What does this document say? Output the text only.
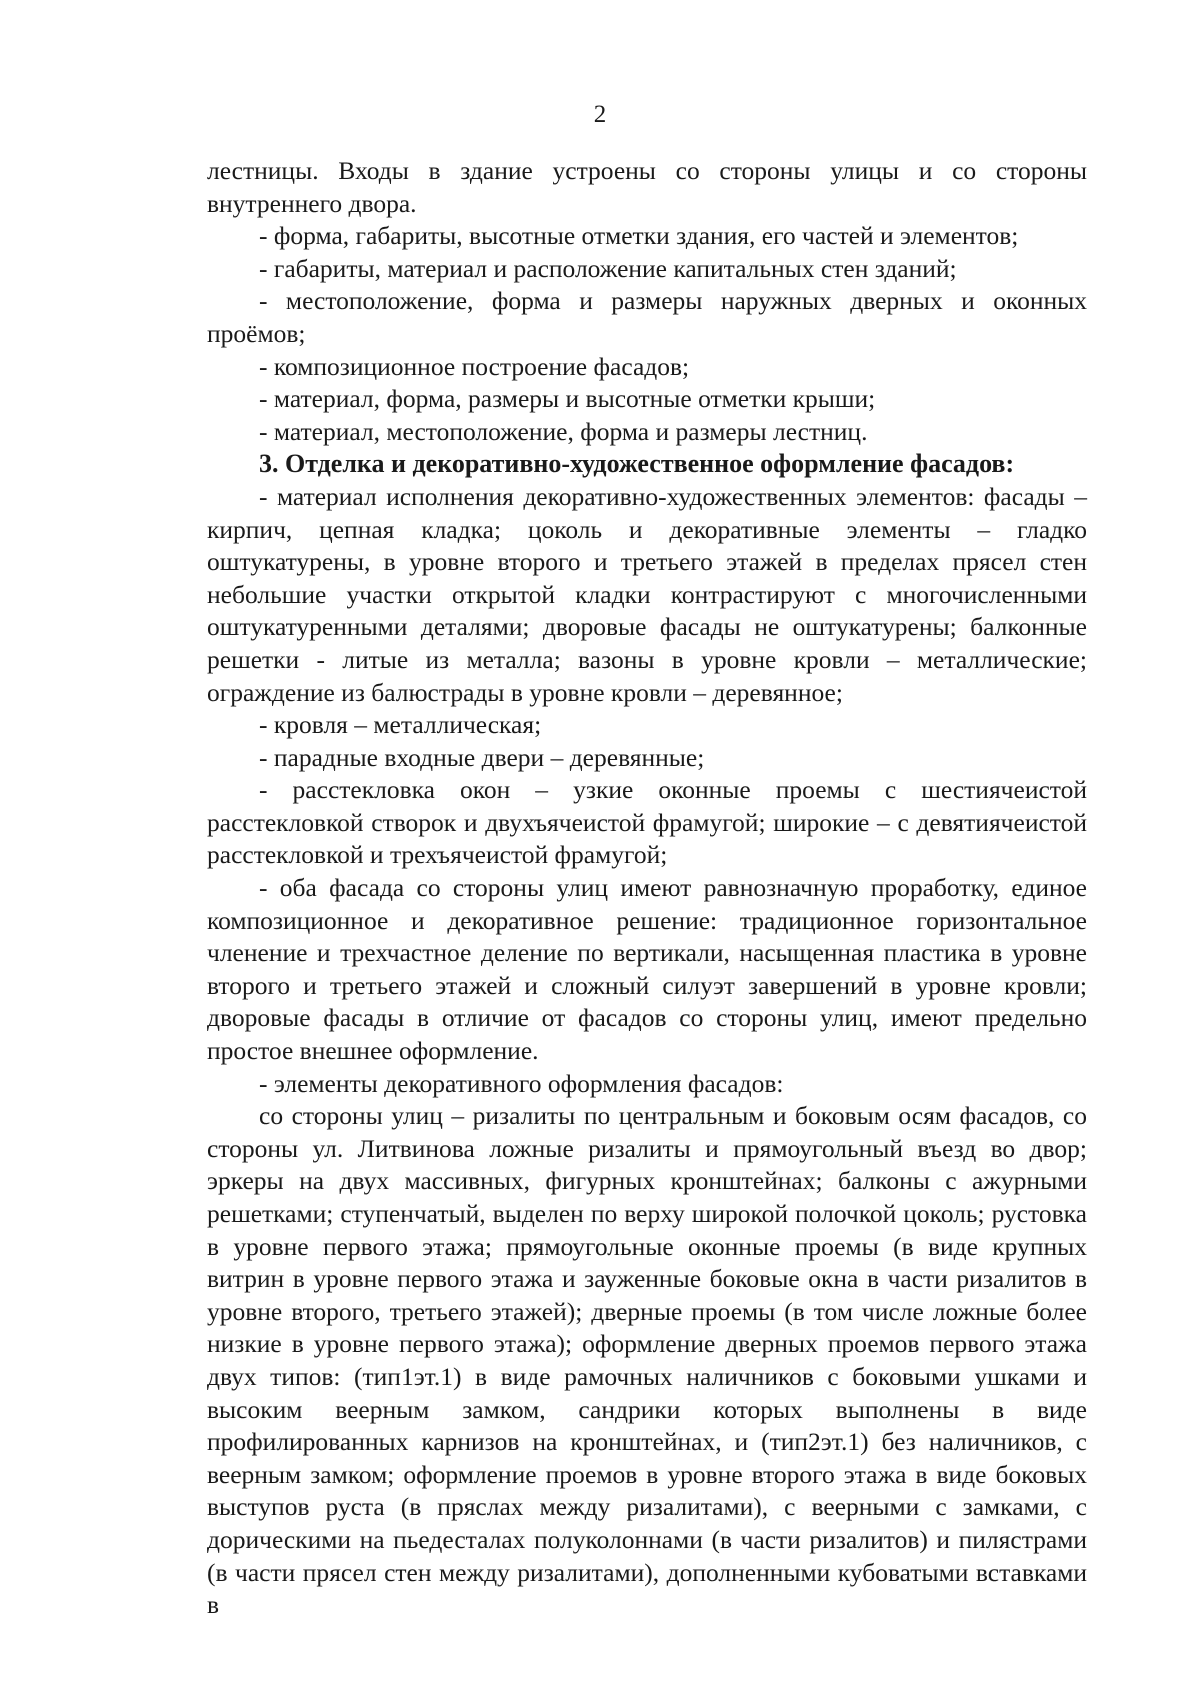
2

лестницы. Входы в здание устроены со стороны улицы и со стороны внутреннего двора.

- форма, габариты, высотные отметки здания, его частей и элементов;

- габариты, материал и расположение капитальных стен зданий;

- местоположение, форма и размеры наружных дверных и оконных проёмов;

- композиционное построение фасадов;

- материал, форма, размеры и высотные отметки крыши;

- материал, местоположение, форма и размеры лестниц.

3. Отделка и декоративно-художественное оформление фасадов:

- материал исполнения декоративно-художественных элементов: фасады – кирпич, цепная кладка; цоколь и декоративные элементы – гладко оштукатурены, в уровне второго и третьего этажей в пределах прясел стен небольшие участки открытой кладки контрастируют с многочисленными оштукатуренными деталями; дворовые фасады не оштукатурены; балконные решетки - литые из металла; вазоны в уровне кровли – металлические; ограждение из балюстрады в уровне кровли – деревянное;

- кровля – металлическая;

- парадные входные двери – деревянные;

- расстекловка окон – узкие оконные проемы с шестиячеистой расстекловкой створок и двухъячеистой фрамугой; широкие – с девятиячеистой расстекловкой и трехъячеистой фрамугой;

- оба фасада со стороны улиц имеют равнозначную проработку, единое композиционное и декоративное решение: традиционное горизонтальное членение и трехчастное деление по вертикали, насыщенная пластика в уровне второго и третьего этажей и сложный силуэт завершений в уровне кровли; дворовые фасады в отличие от фасадов со стороны улиц, имеют предельно простое внешнее оформление.

- элементы декоративного оформления фасадов:

со стороны улиц – ризалиты по центральным и боковым осям фасадов, со стороны ул. Литвинова ложные ризалиты и прямоугольный въезд во двор; эркеры на двух массивных, фигурных кронштейнах; балконы с ажурными решетками; ступенчатый, выделен по верху широкой полочкой цоколь; рустовка в уровне первого этажа; прямоугольные оконные проемы (в виде крупных витрин в уровне первого этажа и зауженные боковые окна в части ризалитов в уровне второго, третьего этажей); дверные проемы (в том числе ложные более низкие в уровне первого этажа); оформление дверных проемов первого этажа двух типов: (тип1эт.1) в виде рамочных наличников с боковыми ушками и высоким веерным замком, сандрики которых выполнены в виде профилированных карнизов на кронштейнах, и (тип2эт.1) без наличников, с веерным замком; оформление проемов в уровне второго этажа в виде боковых выступов руста (в пряслах между ризалитами), с веерными с замками, с дорическими на пьедесталах полуколоннами (в части ризалитов) и пилястрами (в части прясел стен между ризалитами), дополненными кубоватыми вставками в
